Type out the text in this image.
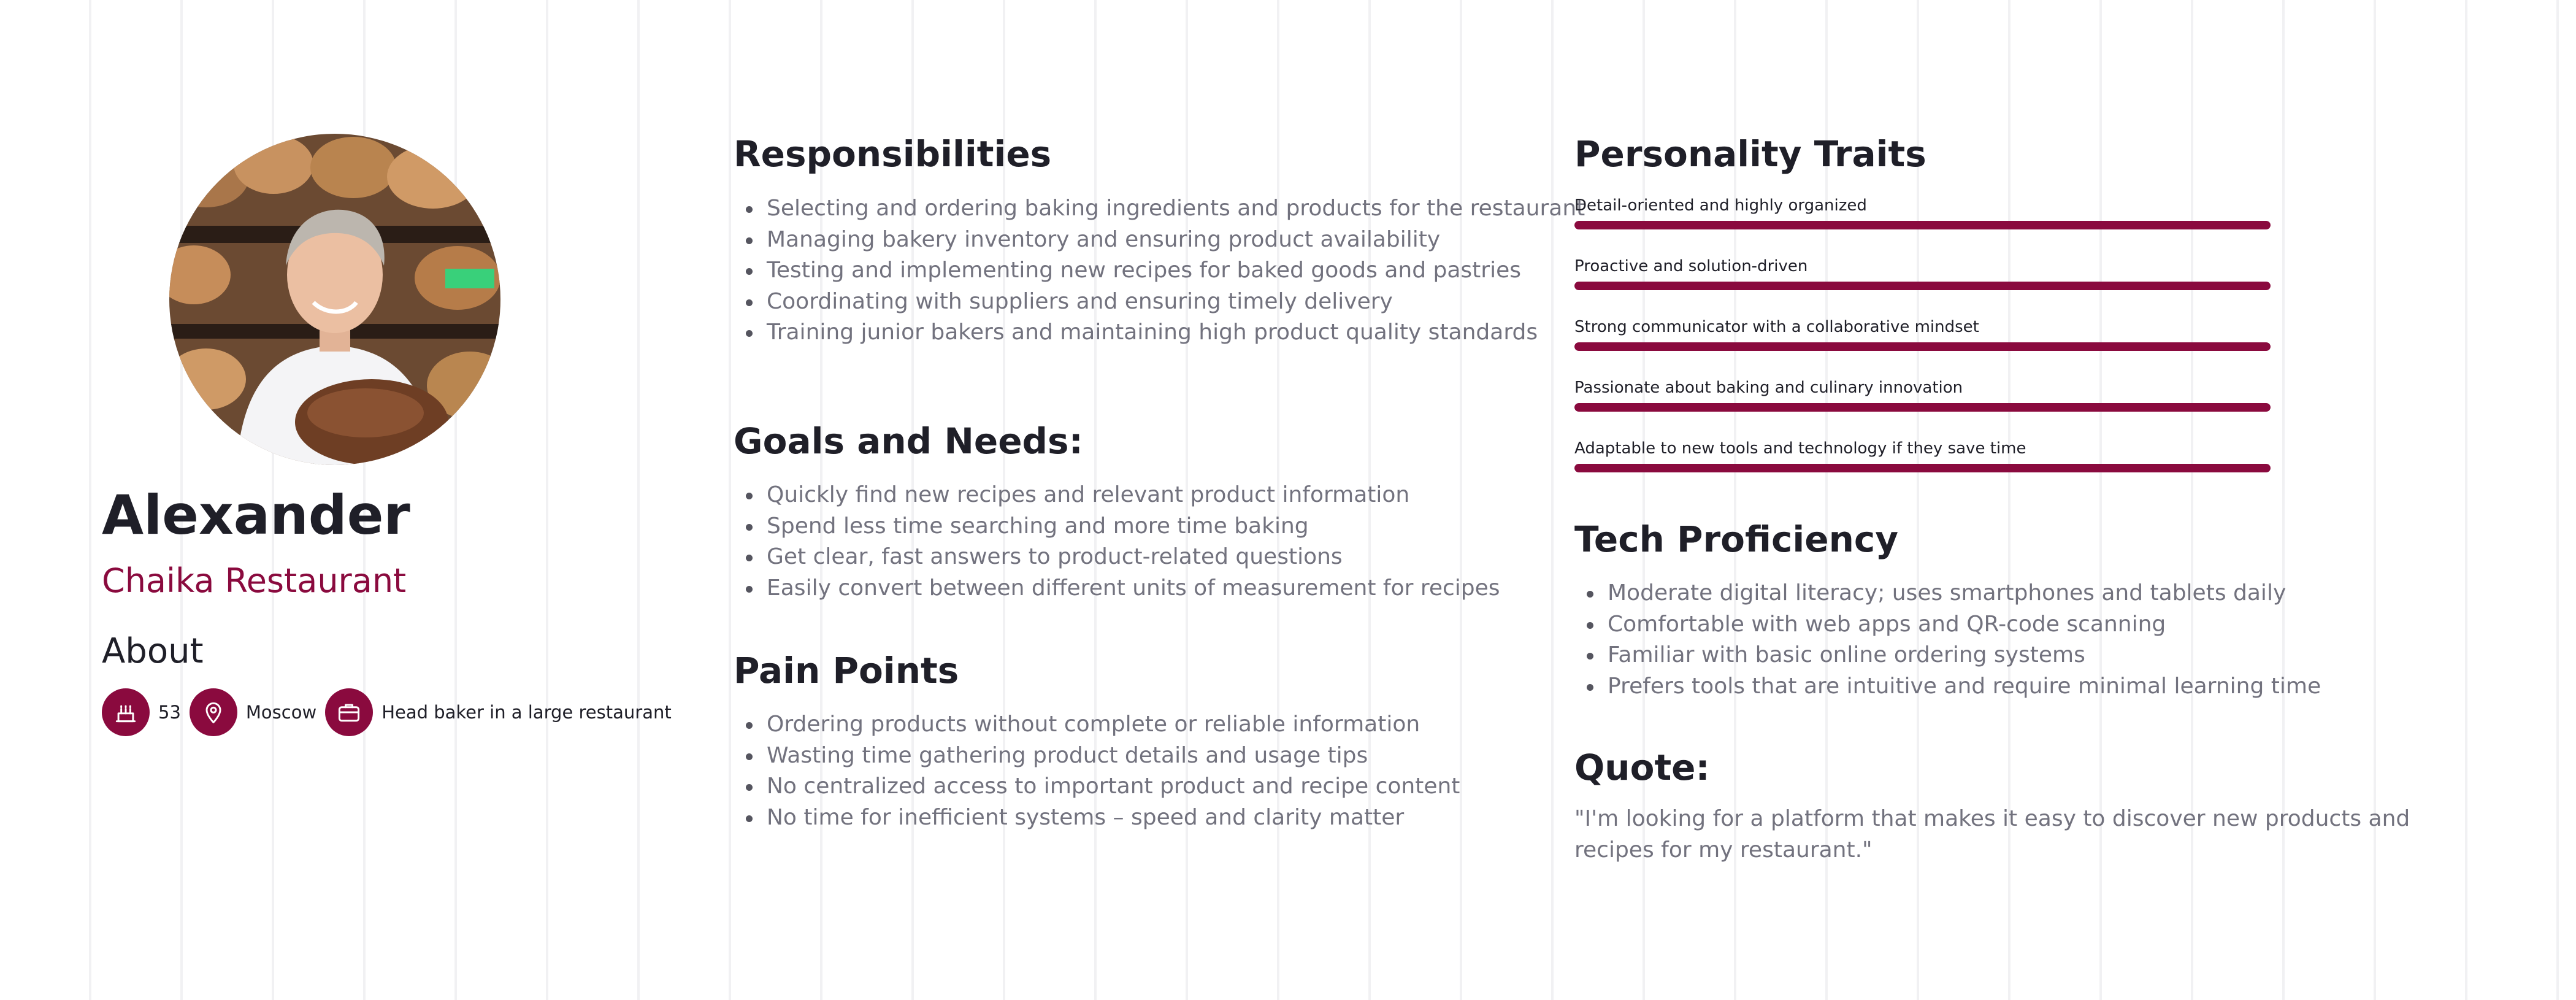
Alexander
Chaika Restaurant
About
53	Moscow	Head baker in a large restaurant
Responsibilities
Selecting and ordering baking ingredients and products for the restaurant
Managing bakery inventory and ensuring product availability
Testing and implementing new recipes for baked goods and pastries
Coordinating with suppliers and ensuring timely delivery
Training junior bakers and maintaining high product quality standards
Goals and Needs:
Quickly find new recipes and relevant product information
Spend less time searching and more time baking
Get clear, fast answers to product-related questions
Easily convert between different units of measurement for recipes
Pain Points
Ordering products without complete or reliable information
Wasting time gathering product details and usage tips
No centralized access to important product and recipe content
No time for inefficient systems – speed and clarity matter
Personality Traits
Detail-oriented and highly organized
Proactive and solution-driven
Strong communicator with a collaborative mindset
Passionate about baking and culinary innovation
Adaptable to new tools and technology if they save time
Tech Proficiency
Moderate digital literacy; uses smartphones and tablets daily
Comfortable with web apps and QR-code scanning
Familiar with basic online ordering systems
Prefers tools that are intuitive and require minimal learning time
Quote:

"I'm looking for a platform that makes it easy to discover new products and recipes for my restaurant."
